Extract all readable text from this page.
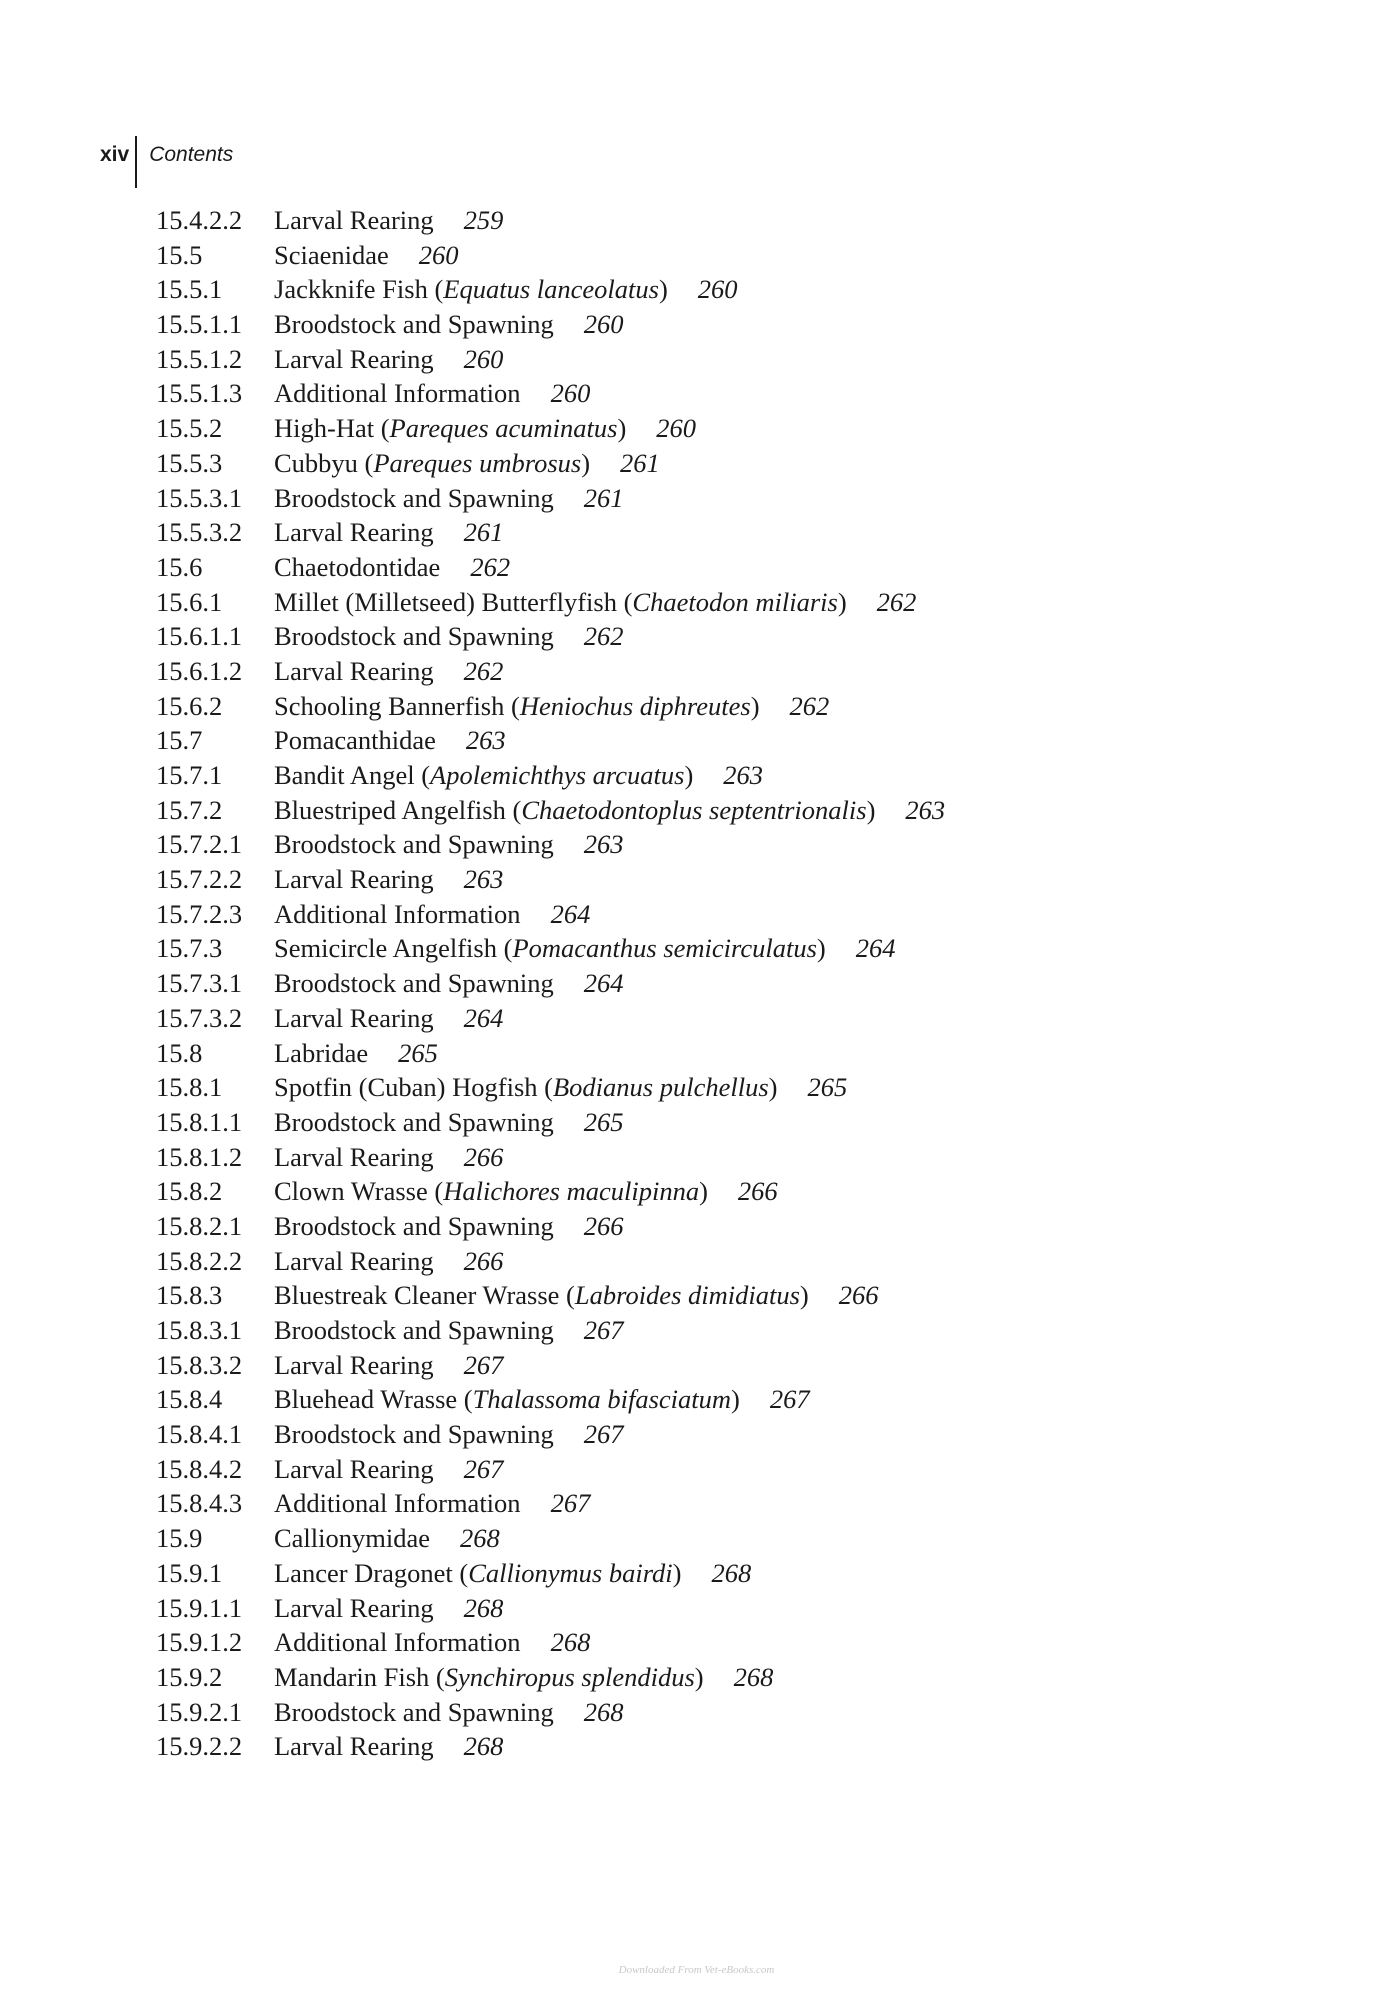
xiv Contents
15.4.2.2	Larval Rearing 259
15.5	Sciaenidae 260
15.5.1	Jackknife Fish (Equatus lanceolatus) 260
15.5.1.1	Broodstock and Spawning 260
15.5.1.2	Larval Rearing 260
15.5.1.3	Additional Information 260
15.5.2	High-Hat (Pareques acuminatus) 260
15.5.3	Cubbyu (Pareques umbrosus) 261
15.5.3.1	Broodstock and Spawning 261
15.5.3.2	Larval Rearing 261
15.6	Chaetodontidae 262
15.6.1	Millet (Milletseed) Butterflyfish (Chaetodon miliaris) 262
15.6.1.1	Broodstock and Spawning 262
15.6.1.2	Larval Rearing 262
15.6.2	Schooling Bannerfish (Heniochus diphreutes) 262
15.7	Pomacanthidae 263
15.7.1	Bandit Angel (Apolemichthys arcuatus) 263
15.7.2	Bluestriped Angelfish (Chaetodontoplus septentrionalis) 263
15.7.2.1	Broodstock and Spawning 263
15.7.2.2	Larval Rearing 263
15.7.2.3	Additional Information 264
15.7.3	Semicircle Angelfish (Pomacanthus semicirculatus) 264
15.7.3.1	Broodstock and Spawning 264
15.7.3.2	Larval Rearing 264
15.8	Labridae 265
15.8.1	Spotfin (Cuban) Hogfish (Bodianus pulchellus) 265
15.8.1.1	Broodstock and Spawning 265
15.8.1.2	Larval Rearing 266
15.8.2	Clown Wrasse (Halichores maculipinna) 266
15.8.2.1	Broodstock and Spawning 266
15.8.2.2	Larval Rearing 266
15.8.3	Bluestreak Cleaner Wrasse (Labroides dimidiatus) 266
15.8.3.1	Broodstock and Spawning 267
15.8.3.2	Larval Rearing 267
15.8.4	Bluehead Wrasse (Thalassoma bifasciatum) 267
15.8.4.1	Broodstock and Spawning 267
15.8.4.2	Larval Rearing 267
15.8.4.3	Additional Information 267
15.9	Callionymidae 268
15.9.1	Lancer Dragonet (Callionymus bairdi) 268
15.9.1.1	Larval Rearing 268
15.9.1.2	Additional Information 268
15.9.2	Mandarin Fish (Synchiropus splendidus) 268
15.9.2.1	Broodstock and Spawning 268
15.9.2.2	Larval Rearing 268
Downloaded From Vet-eBooks.com
